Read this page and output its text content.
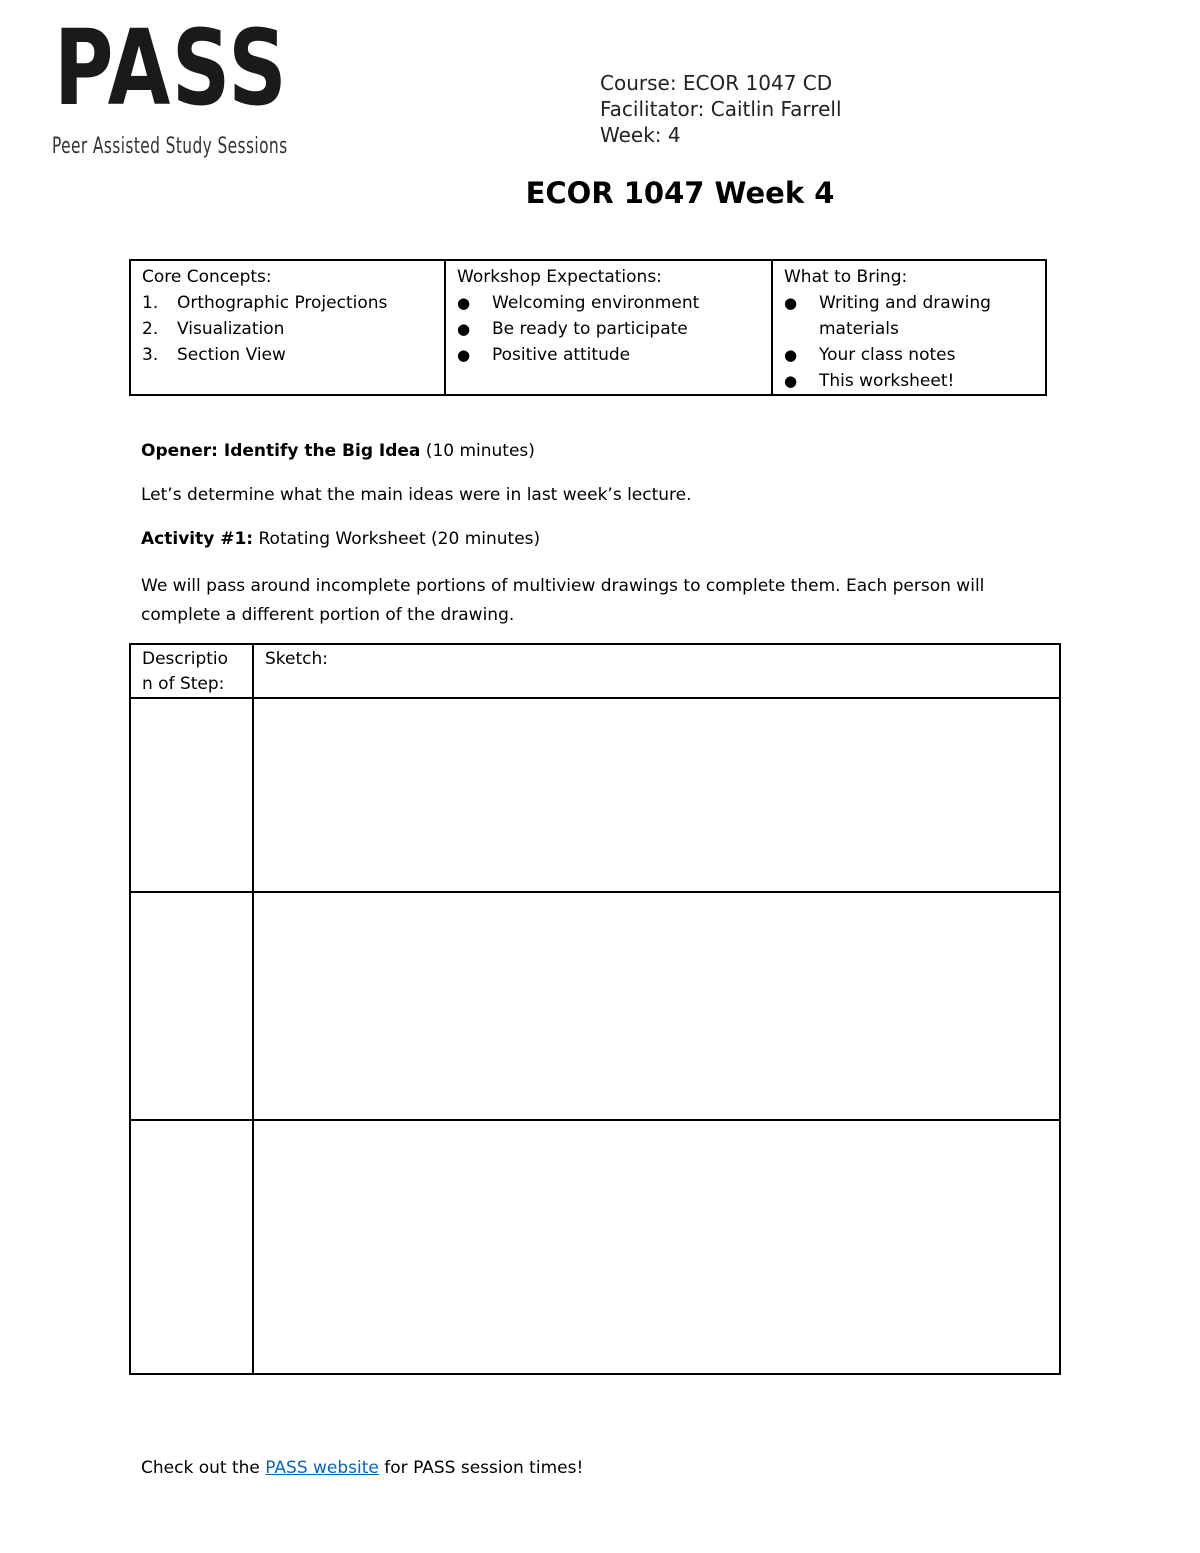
PASS
Peer Assisted Study Sessions
Course: ECOR 1047 CD
Facilitator: Caitlin Farrell
Week: 4
ECOR 1047 Week 4
Core Concepts:
1. Orthographic Projections
2. Visualization
3. Section View

Workshop Expectations:
● Welcoming environment
● Be ready to participate
● Positive attitude

What to Bring:
● Writing and drawing materials
● Your class notes
● This worksheet!
Opener: Identify the Big Idea (10 minutes)
Let’s determine what the main ideas were in last week’s lecture.
Activity #1: Rotating Worksheet (20 minutes)
We will pass around incomplete portions of multiview drawings to complete them. Each person will complete a different portion of the drawing.
Description of Step:	Sketch:

Check out the PASS website for PASS session times!
